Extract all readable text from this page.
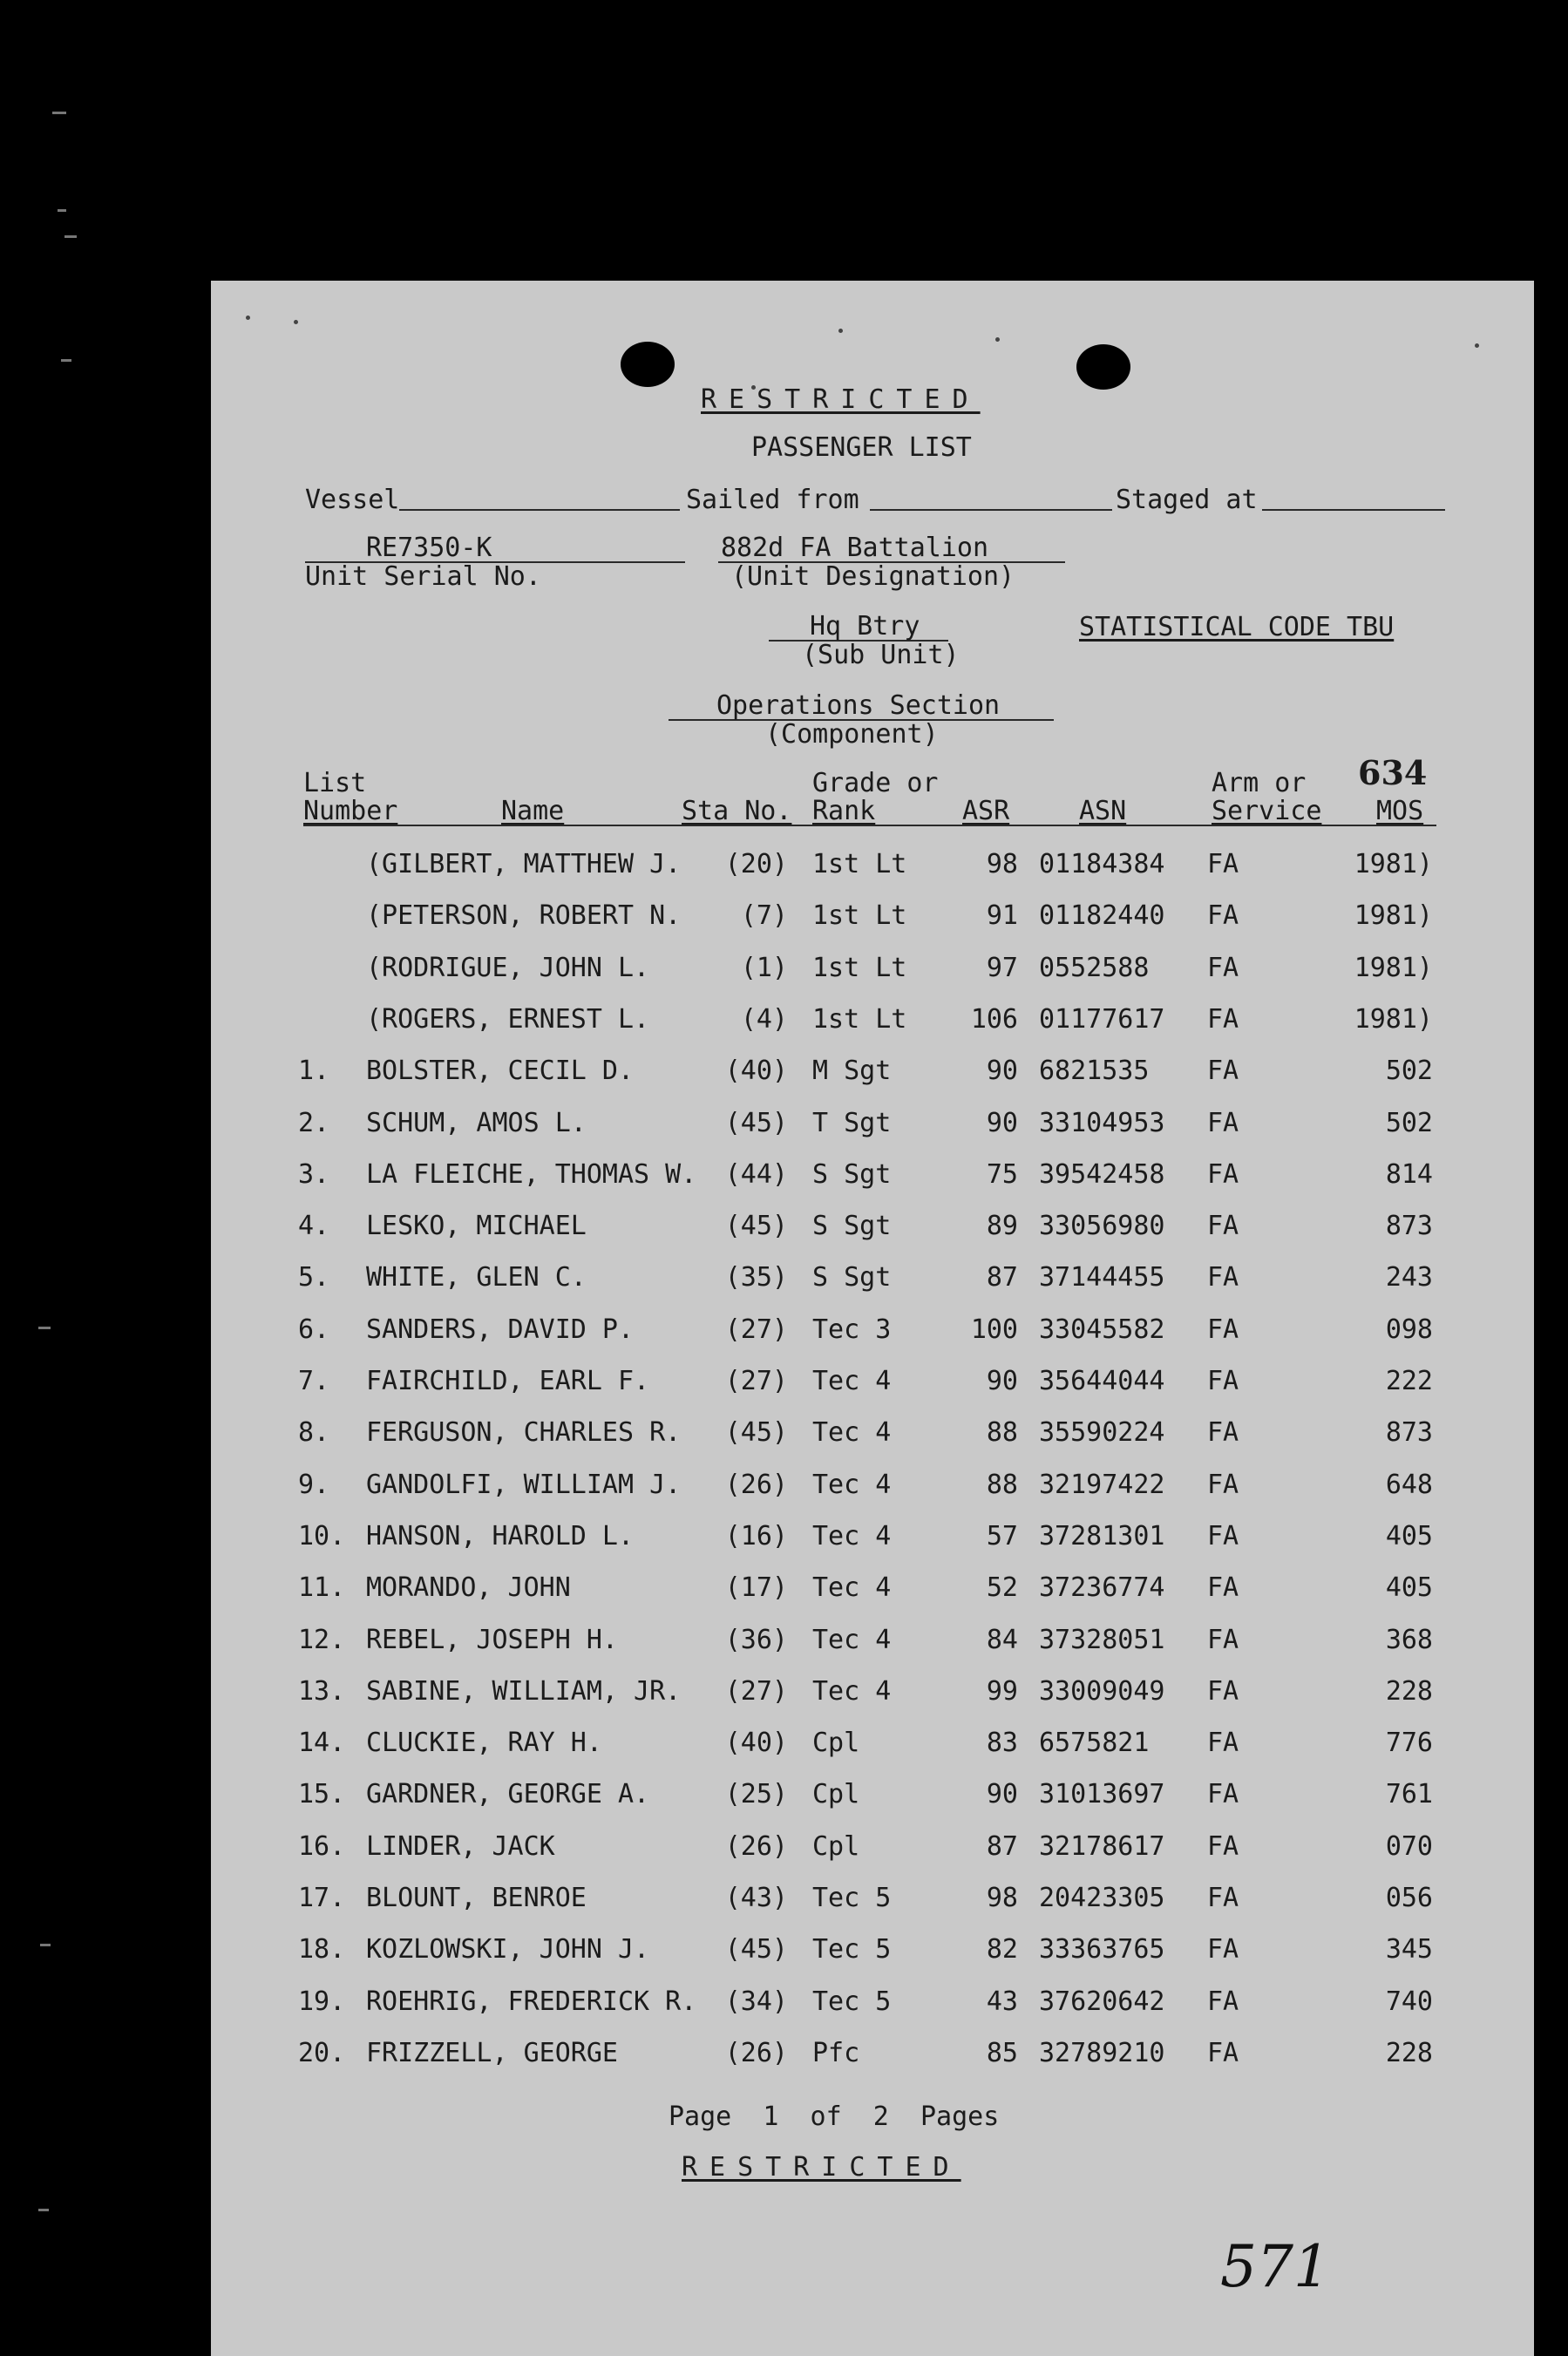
RESTRICTED
PASSENGER LIST
Vessel	Sailed from	Staged at
RE7350-K
Unit Serial No.
882d FA Battalion
(Unit Designation)
Hq Btry
(Sub Unit)
STATISTICAL CODE TBU
Operations Section
(Component)
634
List
Number	Name	Sta No.
Grade or
Rank	ASR	ASN
Arm or
Service MOS
(GILBERT, MATTHEW J.	(20) 1st Lt	98 01184384	FA	1981)
(PETERSON, ROBERT N.	(7) 1st Lt	91 01182440	FA	1981)
(RODRIGUE, JOHN L.	(1) 1st Lt	97 0552588	FA	1981)
(ROGERS, ERNEST L.	(4) 1st Lt	106 01177617	FA	1981)
1.	BOLSTER, CECIL D.	(40) M Sgt	90 6821535	FA	502
2.	SCHUM, AMOS L.	(45) T Sgt	90 33104953	FA	502
3.	LA FLEICHE, THOMAS W.	(44) S Sgt	75 39542458	FA	814
4.	LESKO, MICHAEL	(45) S Sgt	89 33056980	FA	873
5.	WHITE, GLEN C.	(35) S Sgt	87 37144455	FA	243
6.	SANDERS, DAVID P.	(27) Tec 3	100 33045582	FA	098
7.	FAIRCHILD, EARL F.	(27) Tec 4	90 35644044	FA	222
8.	FERGUSON, CHARLES R.	(45) Tec 4	88 35590224	FA	873
9.	GANDOLFI, WILLIAM J.	(26) Tec 4	88 32197422	FA	648
10. HANSON, HAROLD L.	(16) Tec 4	57 37281301	FA	405
11. MORANDO, JOHN	(17) Tec 4	52 37236774	FA	405
12. REBEL, JOSEPH H.	(36) Tec 4	84 37328051	FA	368
13. SABINE, WILLIAM, JR.	(27) Tec 4	99 33009049	FA	228
14. CLUCKIE, RAY H.	(40) Cpl	83 6575821	FA	776
15. GARDNER, GEORGE A.	(25) Cpl	90 31013697	FA	761
16. LINDER, JACK	(26) Cpl	87 32178617	FA	070
17. BLOUNT, BENROE	(43) Tec 5	98 20423305	FA	056
18. KOZLOWSKI, JOHN J.	(45) Tec 5	82 33363765	FA	345
19. ROEHRIG, FREDERICK R.	(34) Tec 5	43 37620642	FA	740
20. FRIZZELL, GEORGE	(26) Pfc	85 32789210	FA	228
Page  1  of  2  Pages
RESTRICTED
571
